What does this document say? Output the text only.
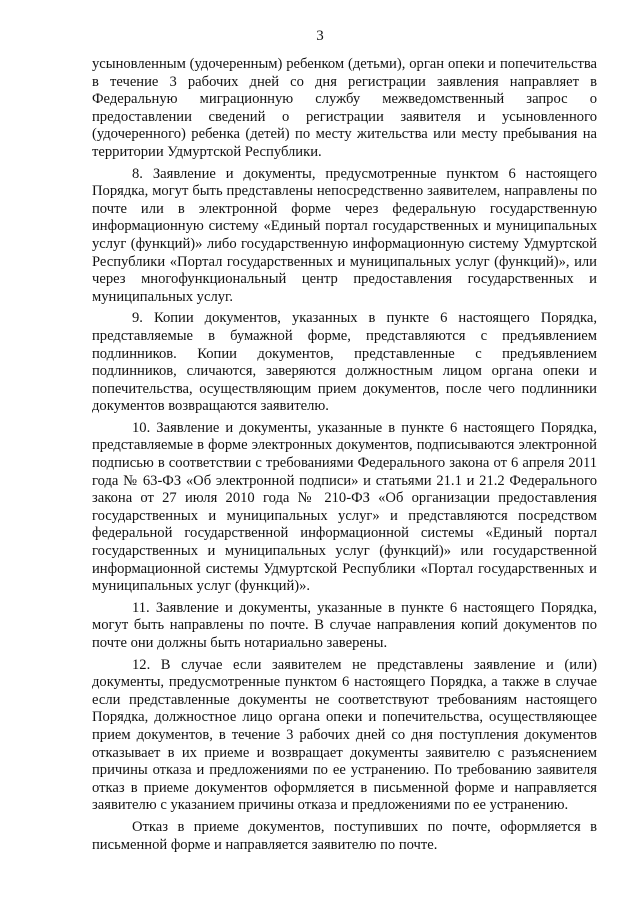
3

усыновленным (удочеренным) ребенком (детьми), орган опеки и попечительства в течение 3 рабочих дней со дня регистрации заявления направляет в Федеральную миграционную службу межведомственный запрос о предоставлении сведений о регистрации заявителя и усыновленного (удочеренного) ребенка (детей) по месту жительства или месту пребывания на территории Удмуртской Республики.

8. Заявление и документы, предусмотренные пунктом 6 настоящего Порядка, могут быть представлены непосредственно заявителем, направлены по почте или в электронной форме через федеральную государственную информационную систему «Единый портал государственных и муниципальных услуг (функций)» либо государственную информационную систему Удмуртской Республики «Портал государственных и муниципальных услуг (функций)», или через многофункциональный центр предоставления государственных и муниципальных услуг.

9. Копии документов, указанных в пункте 6 настоящего Порядка, представляемые в бумажной форме, представляются с предъявлением подлинников. Копии документов, представленные с предъявлением подлинников, сличаются, заверяются должностным лицом органа опеки и попечительства, осуществляющим прием документов, после чего подлинники документов возвращаются заявителю.

10. Заявление и документы, указанные в пункте 6 настоящего Порядка, представляемые в форме электронных документов, подписываются электронной подписью в соответствии с требованиями Федерального закона от 6 апреля 2011 года № 63-ФЗ «Об электронной подписи» и статьями 21.1 и 21.2 Федерального закона от 27 июля 2010 года № 210-ФЗ «Об организации предоставления государственных и муниципальных услуг» и представляются посредством федеральной государственной информационной системы «Единый портал государственных и муниципальных услуг (функций)» или государственной информационной системы Удмуртской Республики «Портал государственных и муниципальных услуг (функций)».

11. Заявление и документы, указанные в пункте 6 настоящего Порядка, могут быть направлены по почте. В случае направления копий документов по почте они должны быть нотариально заверены.

12. В случае если заявителем не представлены заявление и (или) документы, предусмотренные пунктом 6 настоящего Порядка, а также в случае если представленные документы не соответствуют требованиям настоящего Порядка, должностное лицо органа опеки и попечительства, осуществляющее прием документов, в течение 3 рабочих дней со дня поступления документов отказывает в их приеме и возвращает документы заявителю с разъяснением причины отказа и предложениями по ее устранению. По требованию заявителя отказ в приеме документов оформляется в письменной форме и направляется заявителю с указанием причины отказа и предложениями по ее устранению.

Отказ в приеме документов, поступивших по почте, оформляется в письменной форме и направляется заявителю по почте.
